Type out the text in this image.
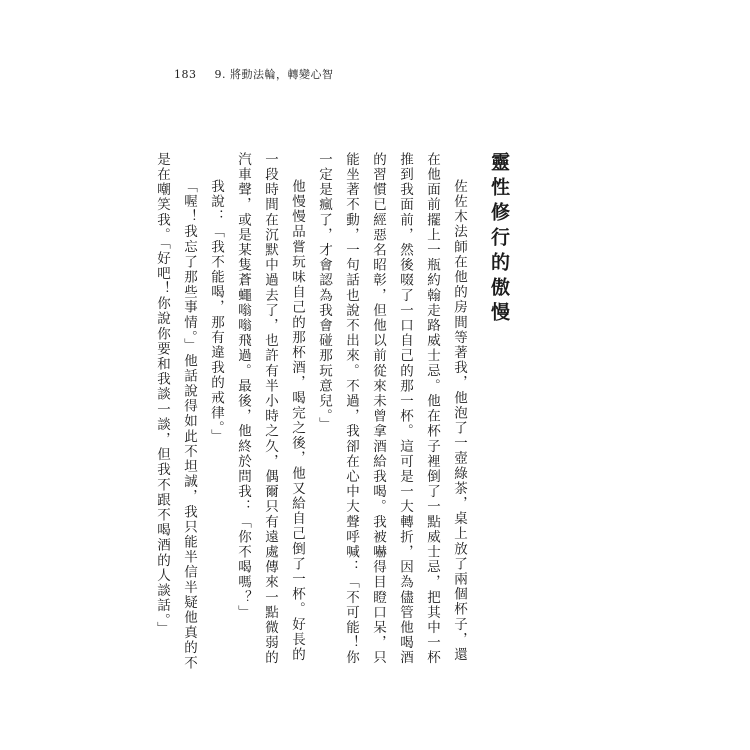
183 9. 將動法輪，轉變心智
靈性修行的傲慢

佐佐木法師在他的房間等著我，他泡了一壺綠茶，桌上放了兩個杯子，還在他面前擺上一瓶約翰走路威士忌。他在杯子裡倒了一點威士忌，把其中一杯推到我面前，然後啜了一口自己的那一杯。這可是一大轉折，因為儘管他喝酒的習慣已經惡名昭彰，但他以前從來未曾拿酒給我喝。我被嚇得目瞪口呆，只能坐著不動，一句話也說不出來。不過，我卻在心中大聲呼喊：「不可能！你一定是瘋了，才會認為我會碰那玩意兒。」

他慢慢品嘗玩味自己的那杯酒，喝完之後，他又給自己倒了一杯。好長的一段時間在沉默中過去了，也許有半小時之久，偶爾只有遠處傳來一點微弱的汽車聲，或是某隻蒼蠅嗡嗡飛過。最後，他終於問我：「你不喝嗎？」

我說：「我不能喝，那有違我的戒律。」

「喔！我忘了那些事情。」他話說得如此不坦誠，我只能半信半疑他真的不是在嘲笑我。「好吧！你說你要和我談一談，但我不跟不喝酒的人談話。」
